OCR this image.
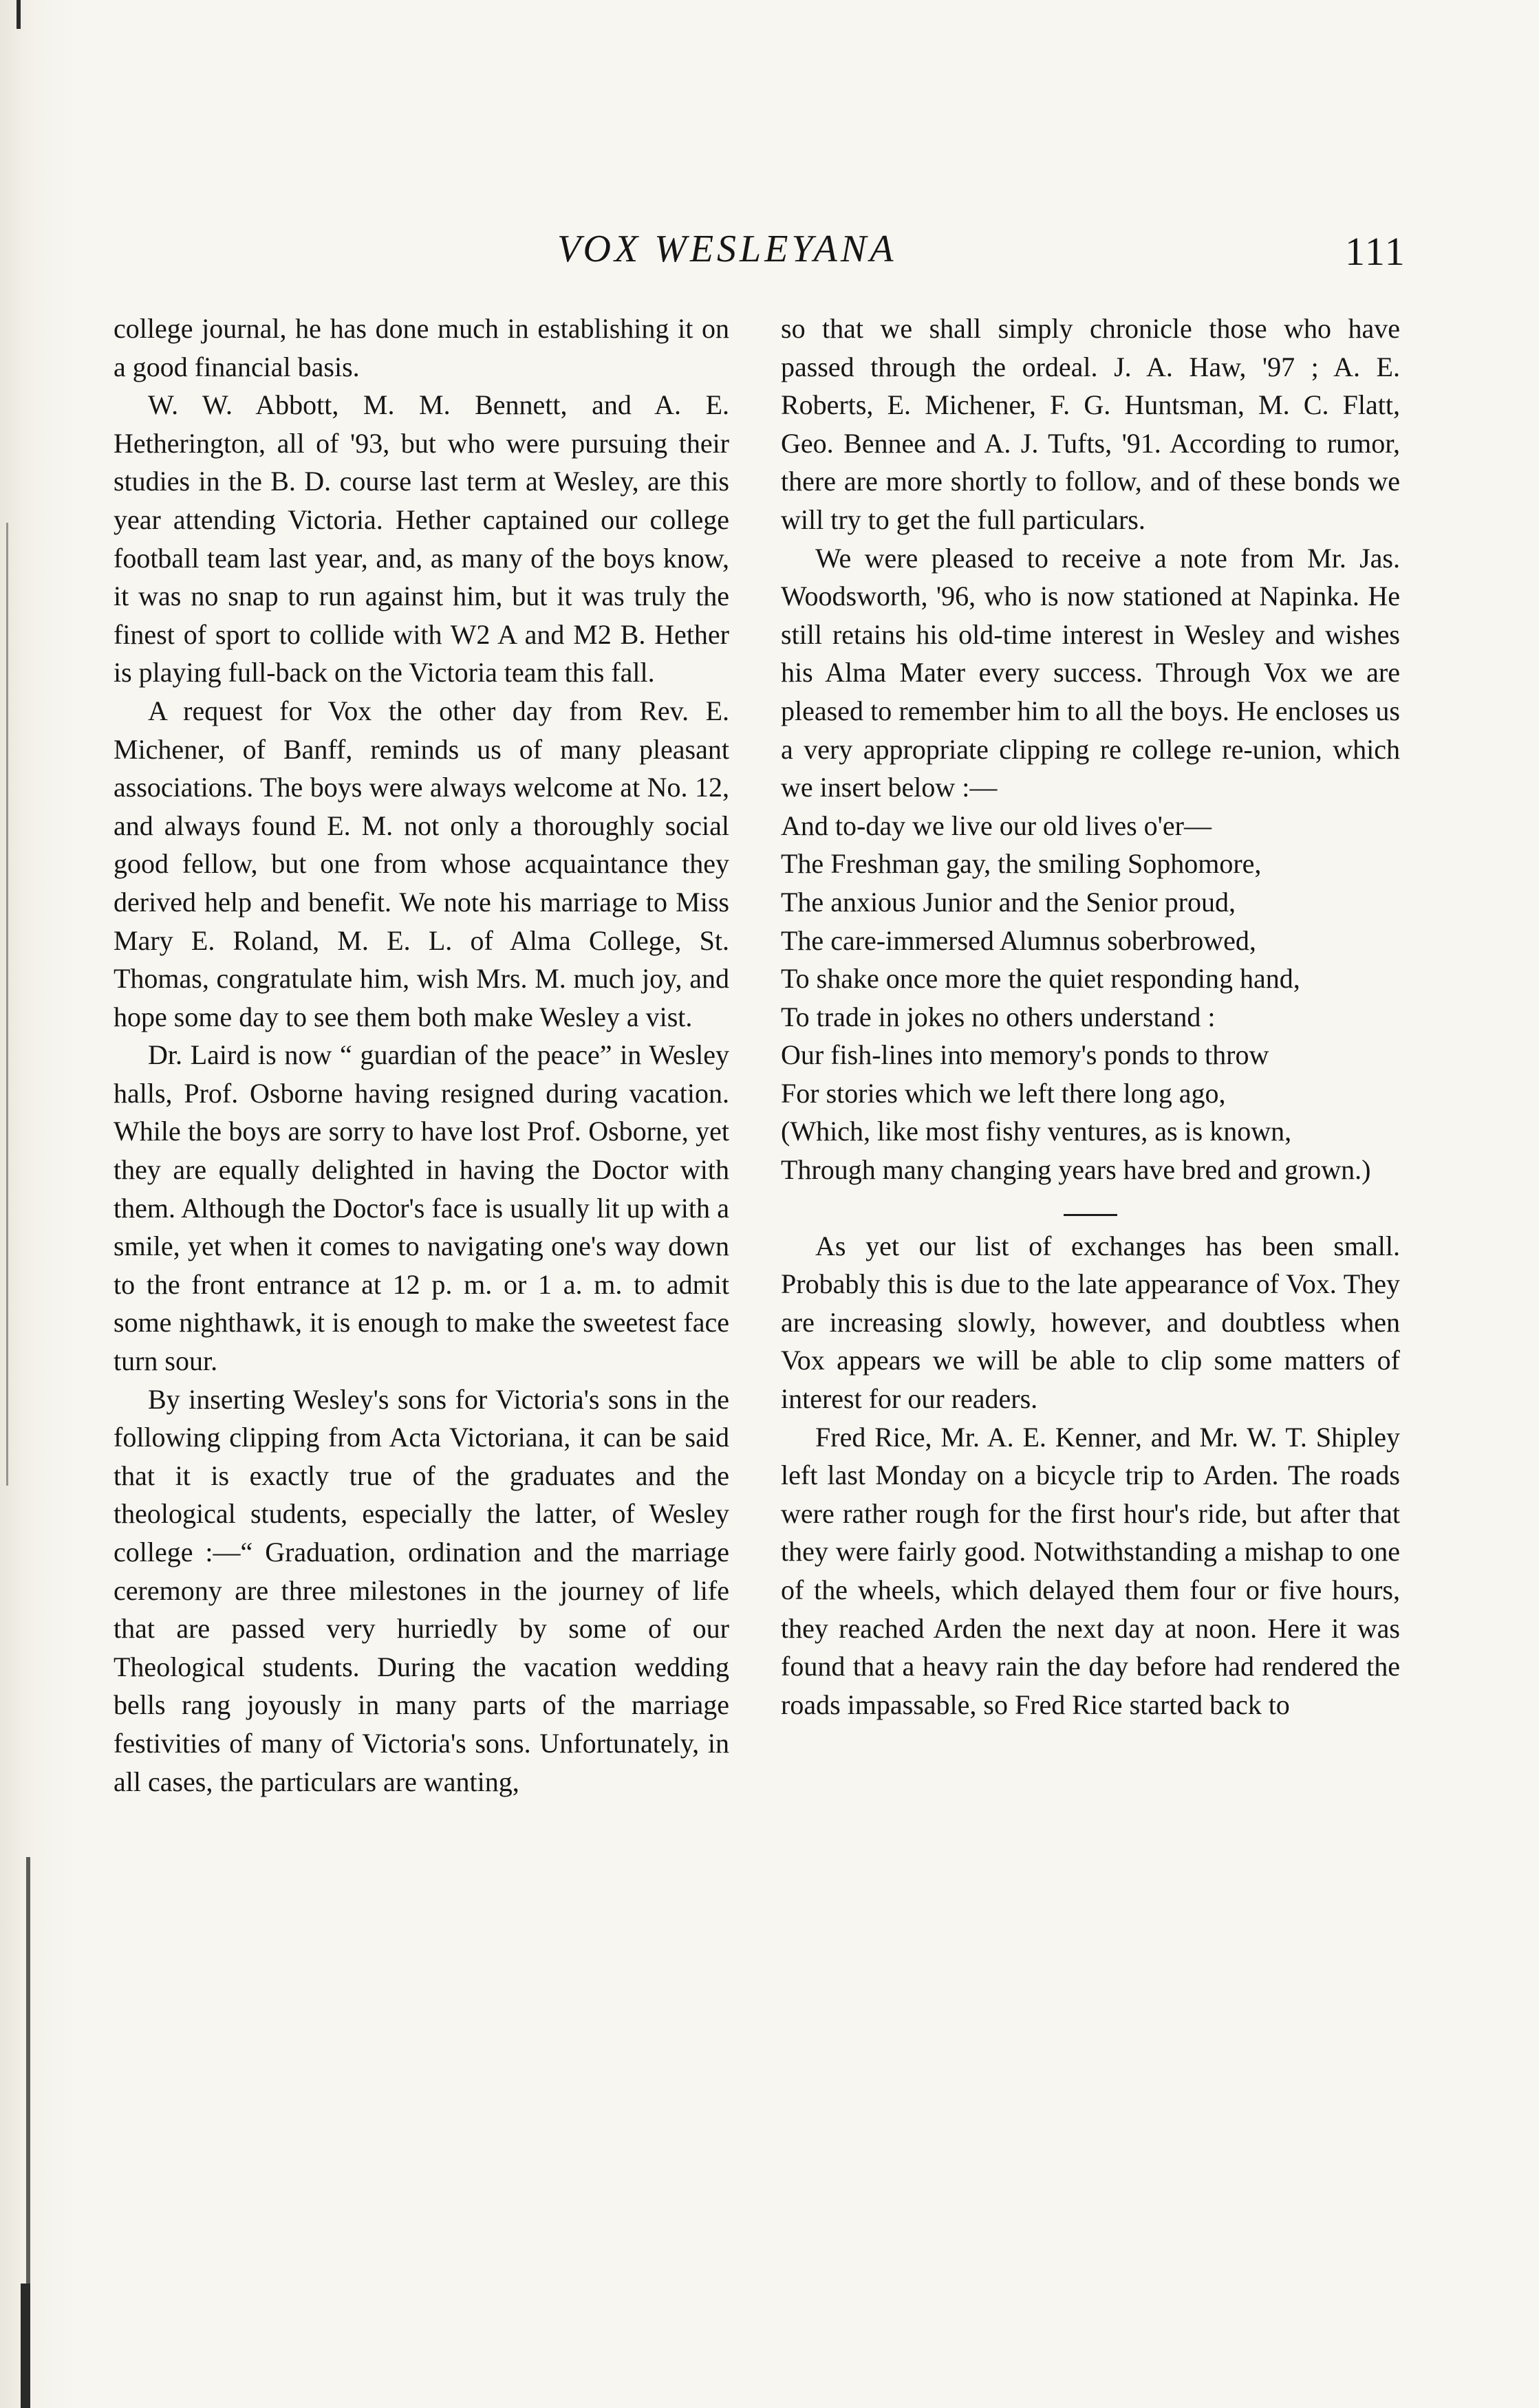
VOX WESLEYANA	111

college journal, he has done much in establishing it on a good financial basis.

W. W. Abbott, M. M. Bennett, and A. E. Hetherington, all of '93, but who were pursuing their studies in the B. D. course last term at Wesley, are this year attending Victoria. Hether captained our college football team last year, and, as many of the boys know, it was no snap to run against him, but it was truly the finest of sport to collide with W2 A and M2 B. Hether is playing full-back on the Victoria team this fall.

A request for Vox the other day from Rev. E. Michener, of Banff, reminds us of many pleasant associations. The boys were always welcome at No. 12, and always found E. M. not only a thoroughly social good fellow, but one from whose acquaintance they derived help and benefit. We note his marriage to Miss Mary E. Roland, M. E. L. of Alma College, St. Thomas, congratulate him, wish Mrs. M. much joy, and hope some day to see them both make Wesley a vist.

Dr. Laird is now “ guardian of the peace” in Wesley halls, Prof. Osborne having resigned during vacation. While the boys are sorry to have lost Prof. Osborne, yet they are equally delighted in having the Doctor with them. Although the Doctor's face is usually lit up with a smile, yet when it comes to navigating one's way down to the front entrance at 12 p. m. or 1 a. m. to admit some nighthawk, it is enough to make the sweetest face turn sour.

By inserting Wesley's sons for Victoria's sons in the following clipping from Acta Victoriana, it can be said that it is exactly true of the graduates and the theological students, especially the latter, of Wesley college :—“ Graduation, ordination and the marriage ceremony are three milestones in the journey of life that are passed very hurriedly by some of our Theological students. During the vacation wedding bells rang joyously in many parts of the marriage festivities of many of Victoria's sons. Unfortunately, in all cases, the particulars are wanting,

so that we shall simply chronicle those who have passed through the ordeal. J. A. Haw, '97 ; A. E. Roberts, E. Michener, F. G. Huntsman, M. C. Flatt, Geo. Bennee and A. J. Tufts, '91. According to rumor, there are more shortly to follow, and of these bonds we will try to get the full particulars.

We were pleased to receive a note from Mr. Jas. Woodsworth, '96, who is now stationed at Napinka. He still retains his old-time interest in Wesley and wishes his Alma Mater every success. Through Vox we are pleased to remember him to all the boys. He encloses us a very appropriate clipping re college re-union, which we insert below :—

And to-day we live our old lives o'er—

The Freshman gay, the smiling Sophomore,

The anxious Junior and the Senior proud,

The care-immersed Alumnus soberbrowed,

To shake once more the quiet responding hand,

To trade in jokes no others understand :

Our fish-lines into memory's ponds to throw

For stories which we left there long ago,

(Which, like most fishy ventures, as is known,

Through many changing years have bred and grown.)

As yet our list of exchanges has been small. Probably this is due to the late appearance of Vox. They are increasing slowly, however, and doubtless when Vox appears we will be able to clip some matters of interest for our readers.

Fred Rice, Mr. A. E. Kenner, and Mr. W. T. Shipley left last Monday on a bicycle trip to Arden. The roads were rather rough for the first hour's ride, but after that they were fairly good. Notwithstanding a mishap to one of the wheels, which delayed them four or five hours, they reached Arden the next day at noon. Here it was found that a heavy rain the day before had rendered the roads impassable, so Fred Rice started back to
